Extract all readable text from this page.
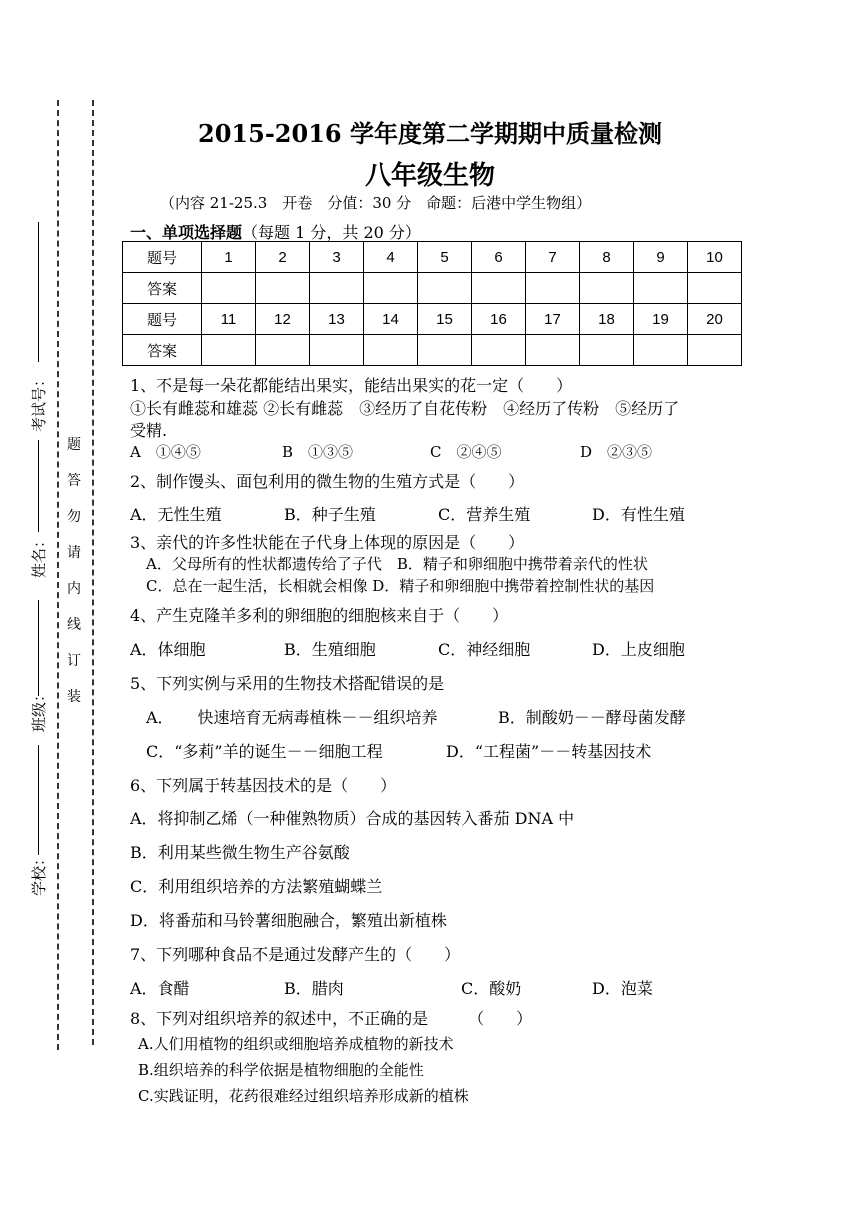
考试号：
姓名：
班级：
学校：
题
答
勿
请
内
线
订
装
2015-2016 学年度第二学期期中质量检测
八年级生物
（内容 21-25.3　开卷　分值：30 分　命题：后港中学生物组）
一、单项选择题（每题 1 分，共 20 分）
题号	1	2	3	4	5	6	7	8	9	10
答案										
题号	11	12	13	14	15	16	17	18	19	20
答案										
1、不是每一朵花都能结出果实，能结出果实的花一定（　　）
①长有雌蕊和雄蕊 ②长有雌蕊　③经历了自花传粉　④经历了传粉　⑤经历了
受精.
A　①④⑤	B　①③⑤	C　②④⑤	D　②③⑤
2、制作馒头、面包利用的微生物的生殖方式是（　　）
A．无性生殖	B．种子生殖	C．营养生殖	D．有性生殖
3、亲代的许多性状能在子代身上体现的原因是（　　）
A．父母所有的性状都遗传给了子代　B．精子和卵细胞中携带着亲代的性状
C．总在一起生活，长相就会相像 D．精子和卵细胞中携带着控制性状的基因
4、产生克隆羊多利的卵细胞的细胞核来自于（　　）
A．体细胞	B．生殖细胞	C．神经细胞	D．上皮细胞
5、下列实例与采用的生物技术搭配错误的是
A．　　快速培育无病毒植株－－组织培养	B．制酸奶－－酵母菌发酵
C．“多莉”羊的诞生－－细胞工程	D．“工程菌”－－转基因技术
6、下列属于转基因技术的是（　　）
A．将抑制乙烯（一种催熟物质）合成的基因转入番茄 DNA 中
B．利用某些微生物生产谷氨酸
C．利用组织培养的方法繁殖蝴蝶兰
D．将番茄和马铃薯细胞融合，繁殖出新植株
7、下列哪种食品不是通过发酵产生的（　　）
A．食醋	B．腊肉	C．酸奶	D．泡菜
8、下列对组织培养的叙述中，不正确的是　　　（　　）
A.人们用植物的组织或细胞培养成植物的新技术
B.组织培养的科学依据是植物细胞的全能性
C.实践证明，花药很难经过组织培养形成新的植株
